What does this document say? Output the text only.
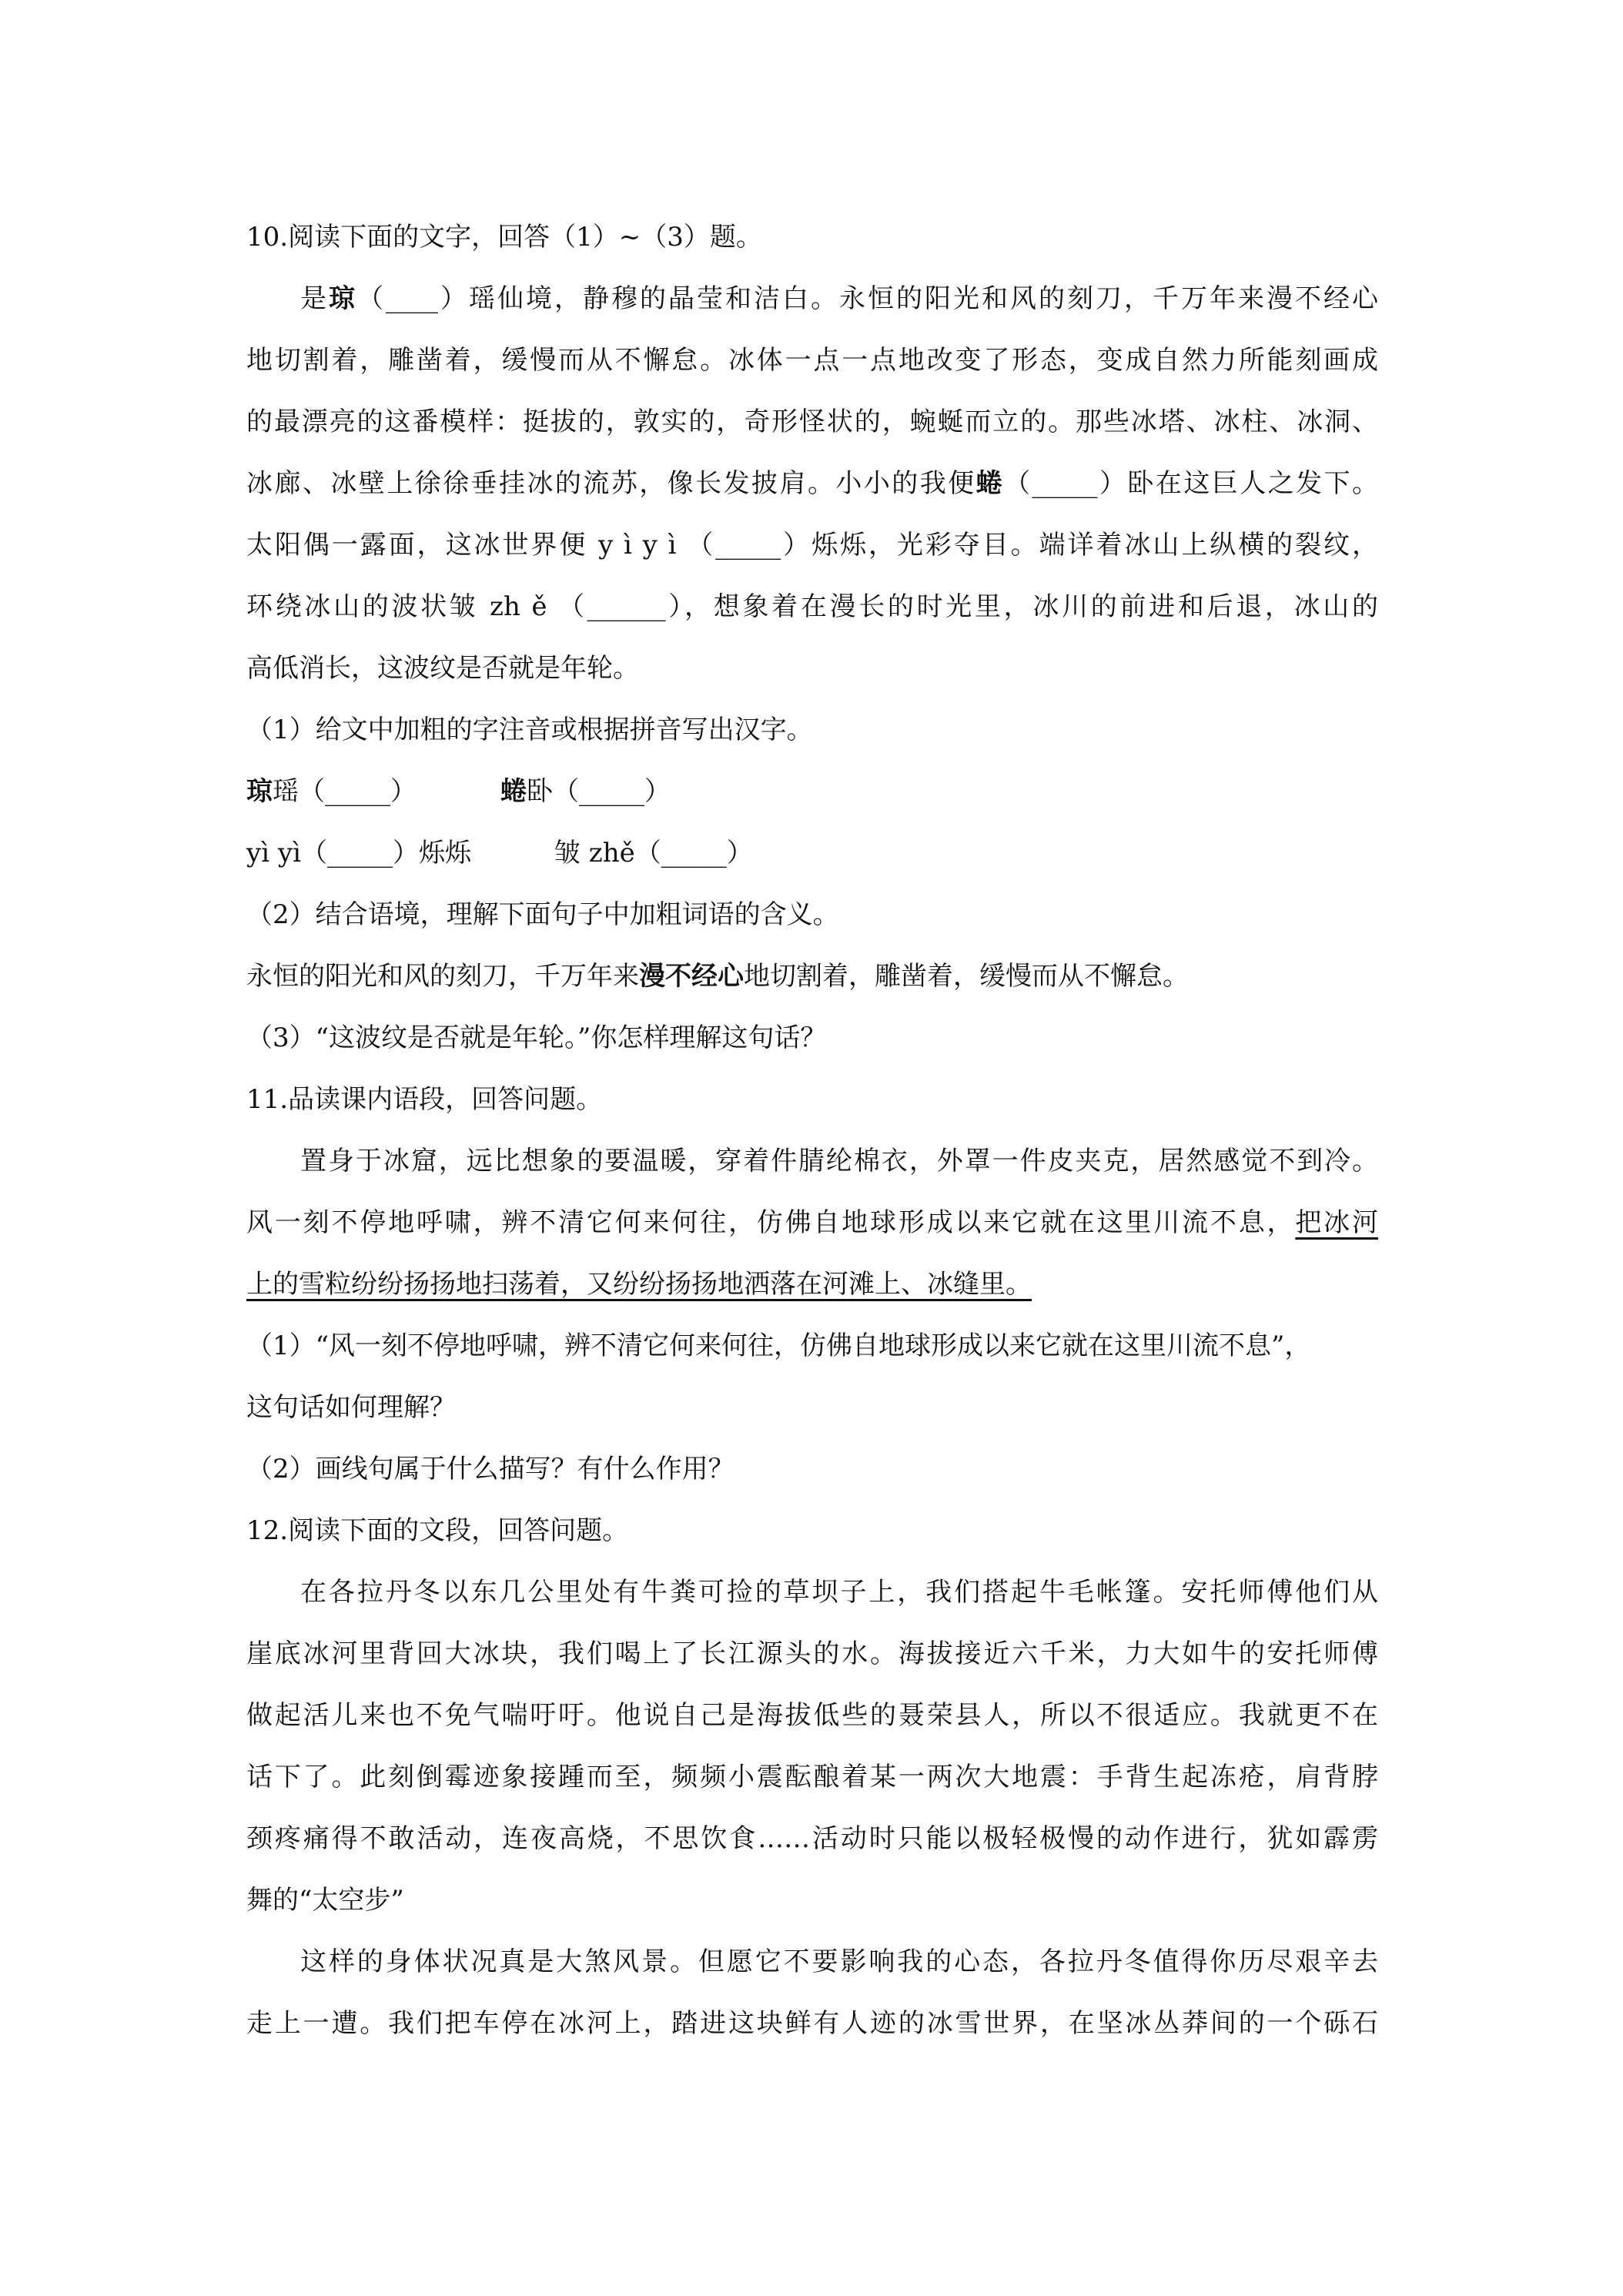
10.阅读下面的文字，回答（1）~（3）题。
是琼（____）瑶仙境，静穆的晶莹和洁白。永恒的阳光和风的刻刀，千万年来漫不经心
地切割着，雕凿着，缓慢而从不懈怠。冰体一点一点地改变了形态，变成自然力所能刻画成
的最漂亮的这番模样：挺拔的，敦实的，奇形怪状的，蜿蜒而立的。那些冰塔、冰柱、冰洞、
冰廊、冰壁上徐徐垂挂冰的流苏，像长发披肩。小小的我便蜷（_____）卧在这巨人之发下。
太阳偶一露面，这冰世界便 y ì y ì （_____）烁烁，光彩夺目。端详着冰山上纵横的裂纹，
环绕冰山的波状皱 zh ě （______），想象着在漫长的时光里，冰川的前进和后退，冰山的
高低消长，这波纹是否就是年轮。
（1）给文中加粗的字注音或根据拼音写出汉字。
琼瑶（_____）	蜷卧（_____）
yì yì（_____）烁烁	皱 zhě（_____）
（2）结合语境，理解下面句子中加粗词语的含义。
永恒的阳光和风的刻刀，千万年来漫不经心地切割着，雕凿着，缓慢而从不懈怠。
（3）“这波纹是否就是年轮。”你怎样理解这句话？
11.品读课内语段，回答问题。
置身于冰窟，远比想象的要温暖，穿着件腈纶棉衣，外罩一件皮夹克，居然感觉不到冷。
风一刻不停地呼啸，辨不清它何来何往，仿佛自地球形成以来它就在这里川流不息，把冰河
上的雪粒纷纷扬扬地扫荡着，又纷纷扬扬地洒落在河滩上、冰缝里。
（1）“风一刻不停地呼啸，辨不清它何来何往，仿佛自地球形成以来它就在这里川流不息”，
这句话如何理解？
（2）画线句属于什么描写？有什么作用？
12.阅读下面的文段，回答问题。
在各拉丹冬以东几公里处有牛粪可捡的草坝子上，我们搭起牛毛帐篷。安托师傅他们从
崖底冰河里背回大冰块，我们喝上了长江源头的水。海拔接近六千米，力大如牛的安托师傅
做起活儿来也不免气喘吁吁。他说自己是海拔低些的聂荣县人，所以不很适应。我就更不在
话下了。此刻倒霉迹象接踵而至，频频小震酝酿着某一两次大地震：手背生起冻疮，肩背脖
颈疼痛得不敢活动，连夜高烧，不思饮食……活动时只能以极轻极慢的动作进行，犹如霹雳
舞的“太空步”
这样的身体状况真是大煞风景。但愿它不要影响我的心态，各拉丹冬值得你历尽艰辛去
走上一遭。我们把车停在冰河上，踏进这块鲜有人迹的冰雪世界，在坚冰丛莽间的一个砾石
